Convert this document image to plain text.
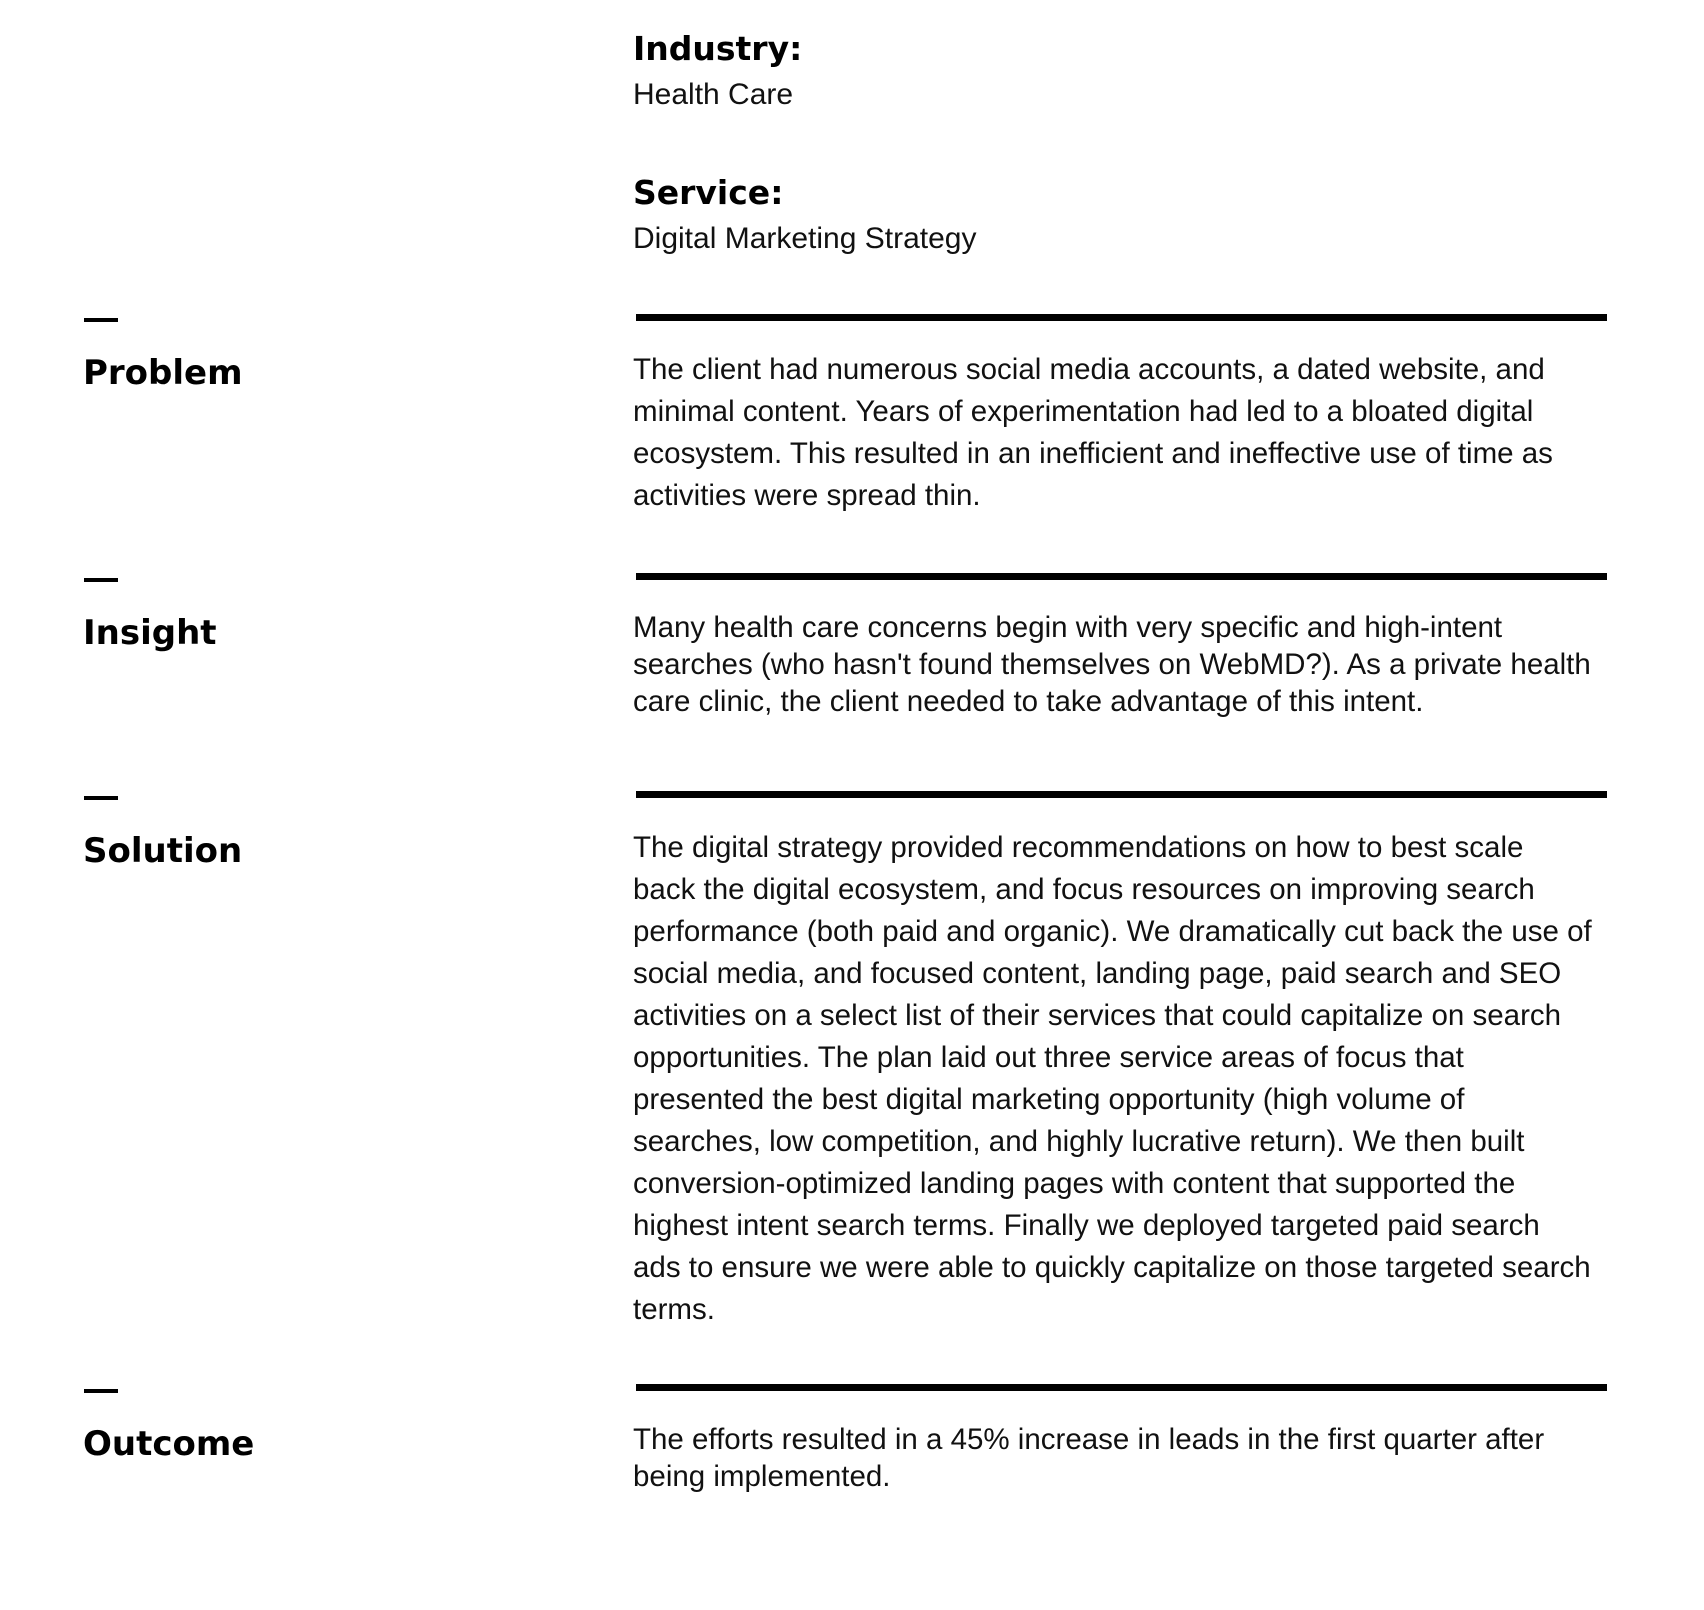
Industry:

Health Care

Service:

Digital Marketing Strategy

Problem	The client had numerous social media accounts, a dated website, and
minimal content. Years of experimentation had led to a bloated digital
ecosystem. This resulted in an inefficient and ineffective use of time as
activities were spread thin.

Insight	Many health care concerns begin with very specific and high-intent
searches (who hasn't found themselves on WebMD?). As a private health
care clinic, the client needed to take advantage of this intent.

Solution	The digital strategy provided recommendations on how to best scale
back the digital ecosystem, and focus resources on improving search
performance (both paid and organic). We dramatically cut back the use of
social media, and focused content, landing page, paid search and SEO
activities on a select list of their services that could capitalize on search
opportunities. The plan laid out three service areas of focus that
presented the best digital marketing opportunity (high volume of
searches, low competition, and highly lucrative return). We then built
conversion-optimized landing pages with content that supported the
highest intent search terms. Finally we deployed targeted paid search
ads to ensure we were able to quickly capitalize on those targeted search
terms.

Outcome	The efforts resulted in a 45% increase in leads in the first quarter after
being implemented.
